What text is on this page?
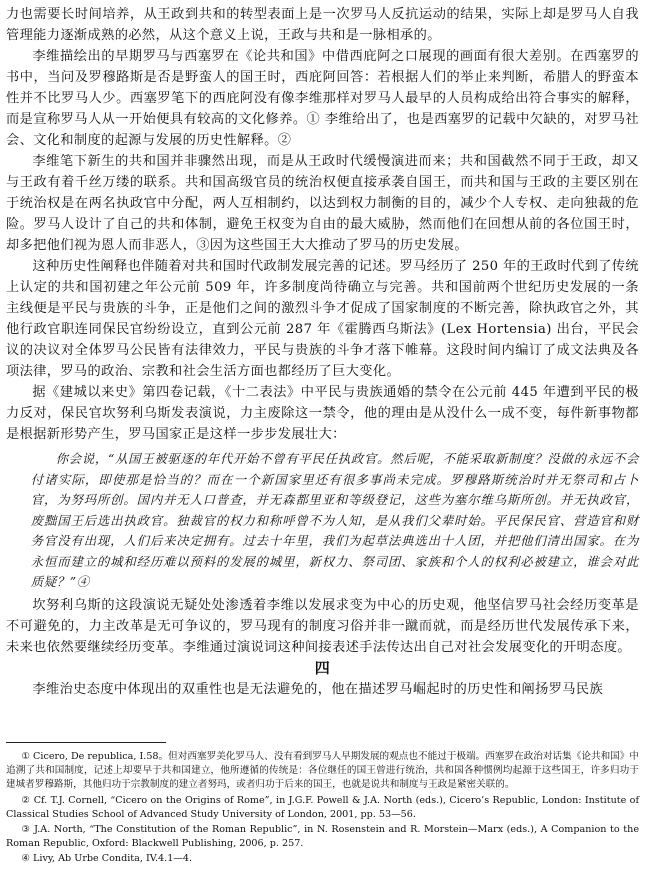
力也需要长时间培养，从王政到共和的转型表面上是一次罗马人反抗运动的结果，实际上却是罗马人自我管理能力逐渐成熟的必然，从这个意义上说，王政与共和是一脉相承的。

李维描绘出的早期罗马与西塞罗在《论共和国》中借西庇阿之口展现的画面有很大差别。在西塞罗的书中，当问及罗穆路斯是否是野蛮人的国王时，西庇阿回答：若根据人们的举止来判断，希腊人的野蛮本性并不比罗马人少。西塞罗笔下的西庇阿没有像李维那样对罗马人最早的人员构成给出符合事实的解释，而是宣称罗马人从一开始便具有较高的文化修养。① 李维给出了，也是西塞罗的记载中欠缺的，对罗马社会、文化和制度的起源与发展的历史性解释。②

李维笔下新生的共和国并非骤然出现，而是从王政时代缓慢演进而来；共和国截然不同于王政，却又与王政有着千丝万缕的联系。共和国高级官员的统治权便直接承袭自国王，而共和国与王政的主要区别在于统治权是在两名执政官中分配，两人互相制约，以达到权力制衡的目的，减少个人专权、走向独裁的危险。罗马人设计了自己的共和体制，避免王权变为自由的最大威胁，然而他们在回想从前的各位国王时，却多把他们视为恩人而非恶人，③因为这些国王大大推动了罗马的历史发展。

这种历史性阐释也伴随着对共和国时代政制发展完善的记述。罗马经历了 250 年的王政时代到了传统上认定的共和国初建之年公元前 509 年，许多制度尚待确立与完善。共和国前两个世纪历史发展的一条主线便是平民与贵族的斗争，正是他们之间的激烈斗争才促成了国家制度的不断完善，除执政官之外，其他行政官职连同保民官纷纷设立，直到公元前 287 年《霍腾西乌斯法》(Lex Hortensia) 出台，平民会议的决议对全体罗马公民皆有法律效力，平民与贵族的斗争才落下帷幕。这段时间内编订了成文法典及各项法律，罗马的政治、宗教和社会生活方面也都经历了巨大变化。

据《建城以来史》第四卷记载，《十二表法》中平民与贵族通婚的禁令在公元前 445 年遭到平民的极力反对，保民官坎努利乌斯发表演说，力主废除这一禁令，他的理由是从没什么一成不变，每件新事物都是根据新形势产生，罗马国家正是这样一步步发展壮大：

你会说，“从国王被驱逐的年代开始不曾有平民任执政官。然后呢，不能采取新制度？没做的永远不会付诸实际，即使那是恰当的？而在一个新国家里还有很多事尚未完成。罗穆路斯统治时并无祭司和占卜官，为努玛所创。国内并无人口普查，并无森都里亚和等级登记，这些为塞尔维乌斯所创。并无执政官，废黜国王后选出执政官。独裁官的权力和称呼曾不为人知，是从我们父辈时始。平民保民官、营造官和财务官没有出现，人们后来决定拥有。过去十年里，我们为起草法典选出十人团，并把他们清出国家。在为永恒而建立的城和经历难以预料的发展的城里，新权力、祭司团、家族和个人的权利必被建立，谁会对此质疑？”④

坎努利乌斯的这段演说无疑处处渗透着李维以发展求变为中心的历史观，他坚信罗马社会经历变革是不可避免的，力主改革是无可争议的，罗马现有的制度习俗并非一蹴而就，而是经历世代发展传承下来，未来也依然要继续经历变革。李维通过演说词这种间接表述手法传达出自己对社会发展变化的开明态度。

四

李维治史态度中体现出的双重性也是无法避免的，他在描述罗马崛起时的历史性和阐扬罗马民族

① Cicero, De republica, I.58。但对西塞罗美化罗马人、没有看到罗马人早期发展的观点也不能过于极端。西塞罗在政治对话集《论共和国》中追溯了共和国制度，记述上却要早于共和国建立，他所遵循的传统是：各位继任的国王曾进行统治，共和国各种惯例均起源于这些国王，许多归功于建城者罗穆路斯，其他归功于宗教制度的建立者努玛，或者归功于后来的国王，也就是说共和制度与王政是紧密关联的。

② Cf. T.J. Cornell, “Cicero on the Origins of Rome”, in J.G.F. Powell & J.A. North (eds.), Cicero’s Republic, London: Institute of Classical Studies School of Advanced Study University of London, 2001, pp. 53—56.

③ J.A. North, “The Constitution of the Roman Republic”, in N. Rosenstein and R. Morstein—Marx (eds.), A Companion to the Roman Republic, Oxford: Blackwell Publishing, 2006, p. 257.

④ Livy, Ab Urbe Condita, IV.4.1—4.
